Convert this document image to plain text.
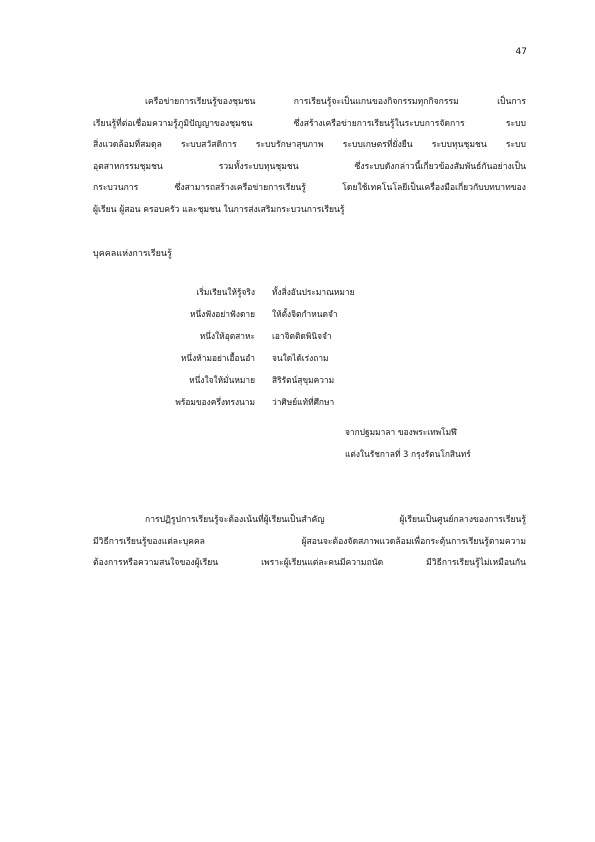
47
เครือข่ายการเรียนรู้ของชุมชน การเรียนรู้จะเป็นแกนของกิจกรรมทุกกิจกรรม เป็นการ
เรียนรู้ที่ต่อเชื่อมความรู้ภูมิปัญญาของชุมชน ซึ่งสร้างเครือข่ายการเรียนรู้ในระบบการจัดการ ระบบ
สิ่งแวดล้อมที่สมดุล ระบบสวัสดิการ ระบบรักษาสุขภาพ ระบบเกษตรที่ยั่งยืน ระบบทุนชุมชน ระบบ
อุตสาหกรรมชุมชน รวมทั้งระบบทุนชุมชน ซึ่งระบบดังกล่าวนี้เกี่ยวข้องสัมพันธ์กันอย่างเป็น
กระบวนการ ซึ่งสามารถสร้างเครือข่ายการเรียนรู้ โดยใช้เทคโนโลยีเป็นเครื่องมือเกี่ยวกับบทบาทของ
ผู้เรียน ผู้สอน ครอบครัว และชุมชน ในการส่งเสริมกระบวนการเรียนรู้
บุคคลแห่งการเรียนรู้
เริ่มเรียนให้รู้จริง ทั้งสิ่งอันประมาณหมาย
หนึ่งฟังอย่าฟังดาย ให้ตั้งจิตกำหนดจำ
หนึ่งให้อุตสาหะ เอาจิตติดพินิจจำ
หนึ่งห้ามอย่าเอื้อนอำ จนใดได้เร่งถาม
หนึ่งใจให้มั่นหมาย สิริรัตน์สุขุมความ
พร้อมของครึ่งทรงนาม ว่าศิษย์แท้ที่ศึกษา
จากปฐมมาลา ของพระเทพโมฬี
แต่งในรัชกาลที่ 3 กรุงรัตนโกสินทร์
การปฏิรูปการเรียนรู้จะต้องเน้นที่ผู้เรียนเป็นสำคัญ ผู้เรียนเป็นศูนย์กลางของการเรียนรู้
มีวิธีการเรียนรู้ของแต่ละบุคคล ผู้สอนจะต้องจัดสภาพแวดล้อมเพื่อกระตุ้นการเรียนรู้ตามความ
ต้องการหรือความสนใจของผู้เรียน เพราะผู้เรียนแต่ละคนมีความถนัด มีวิธีการเรียนรู้ไม่เหมือนกัน
